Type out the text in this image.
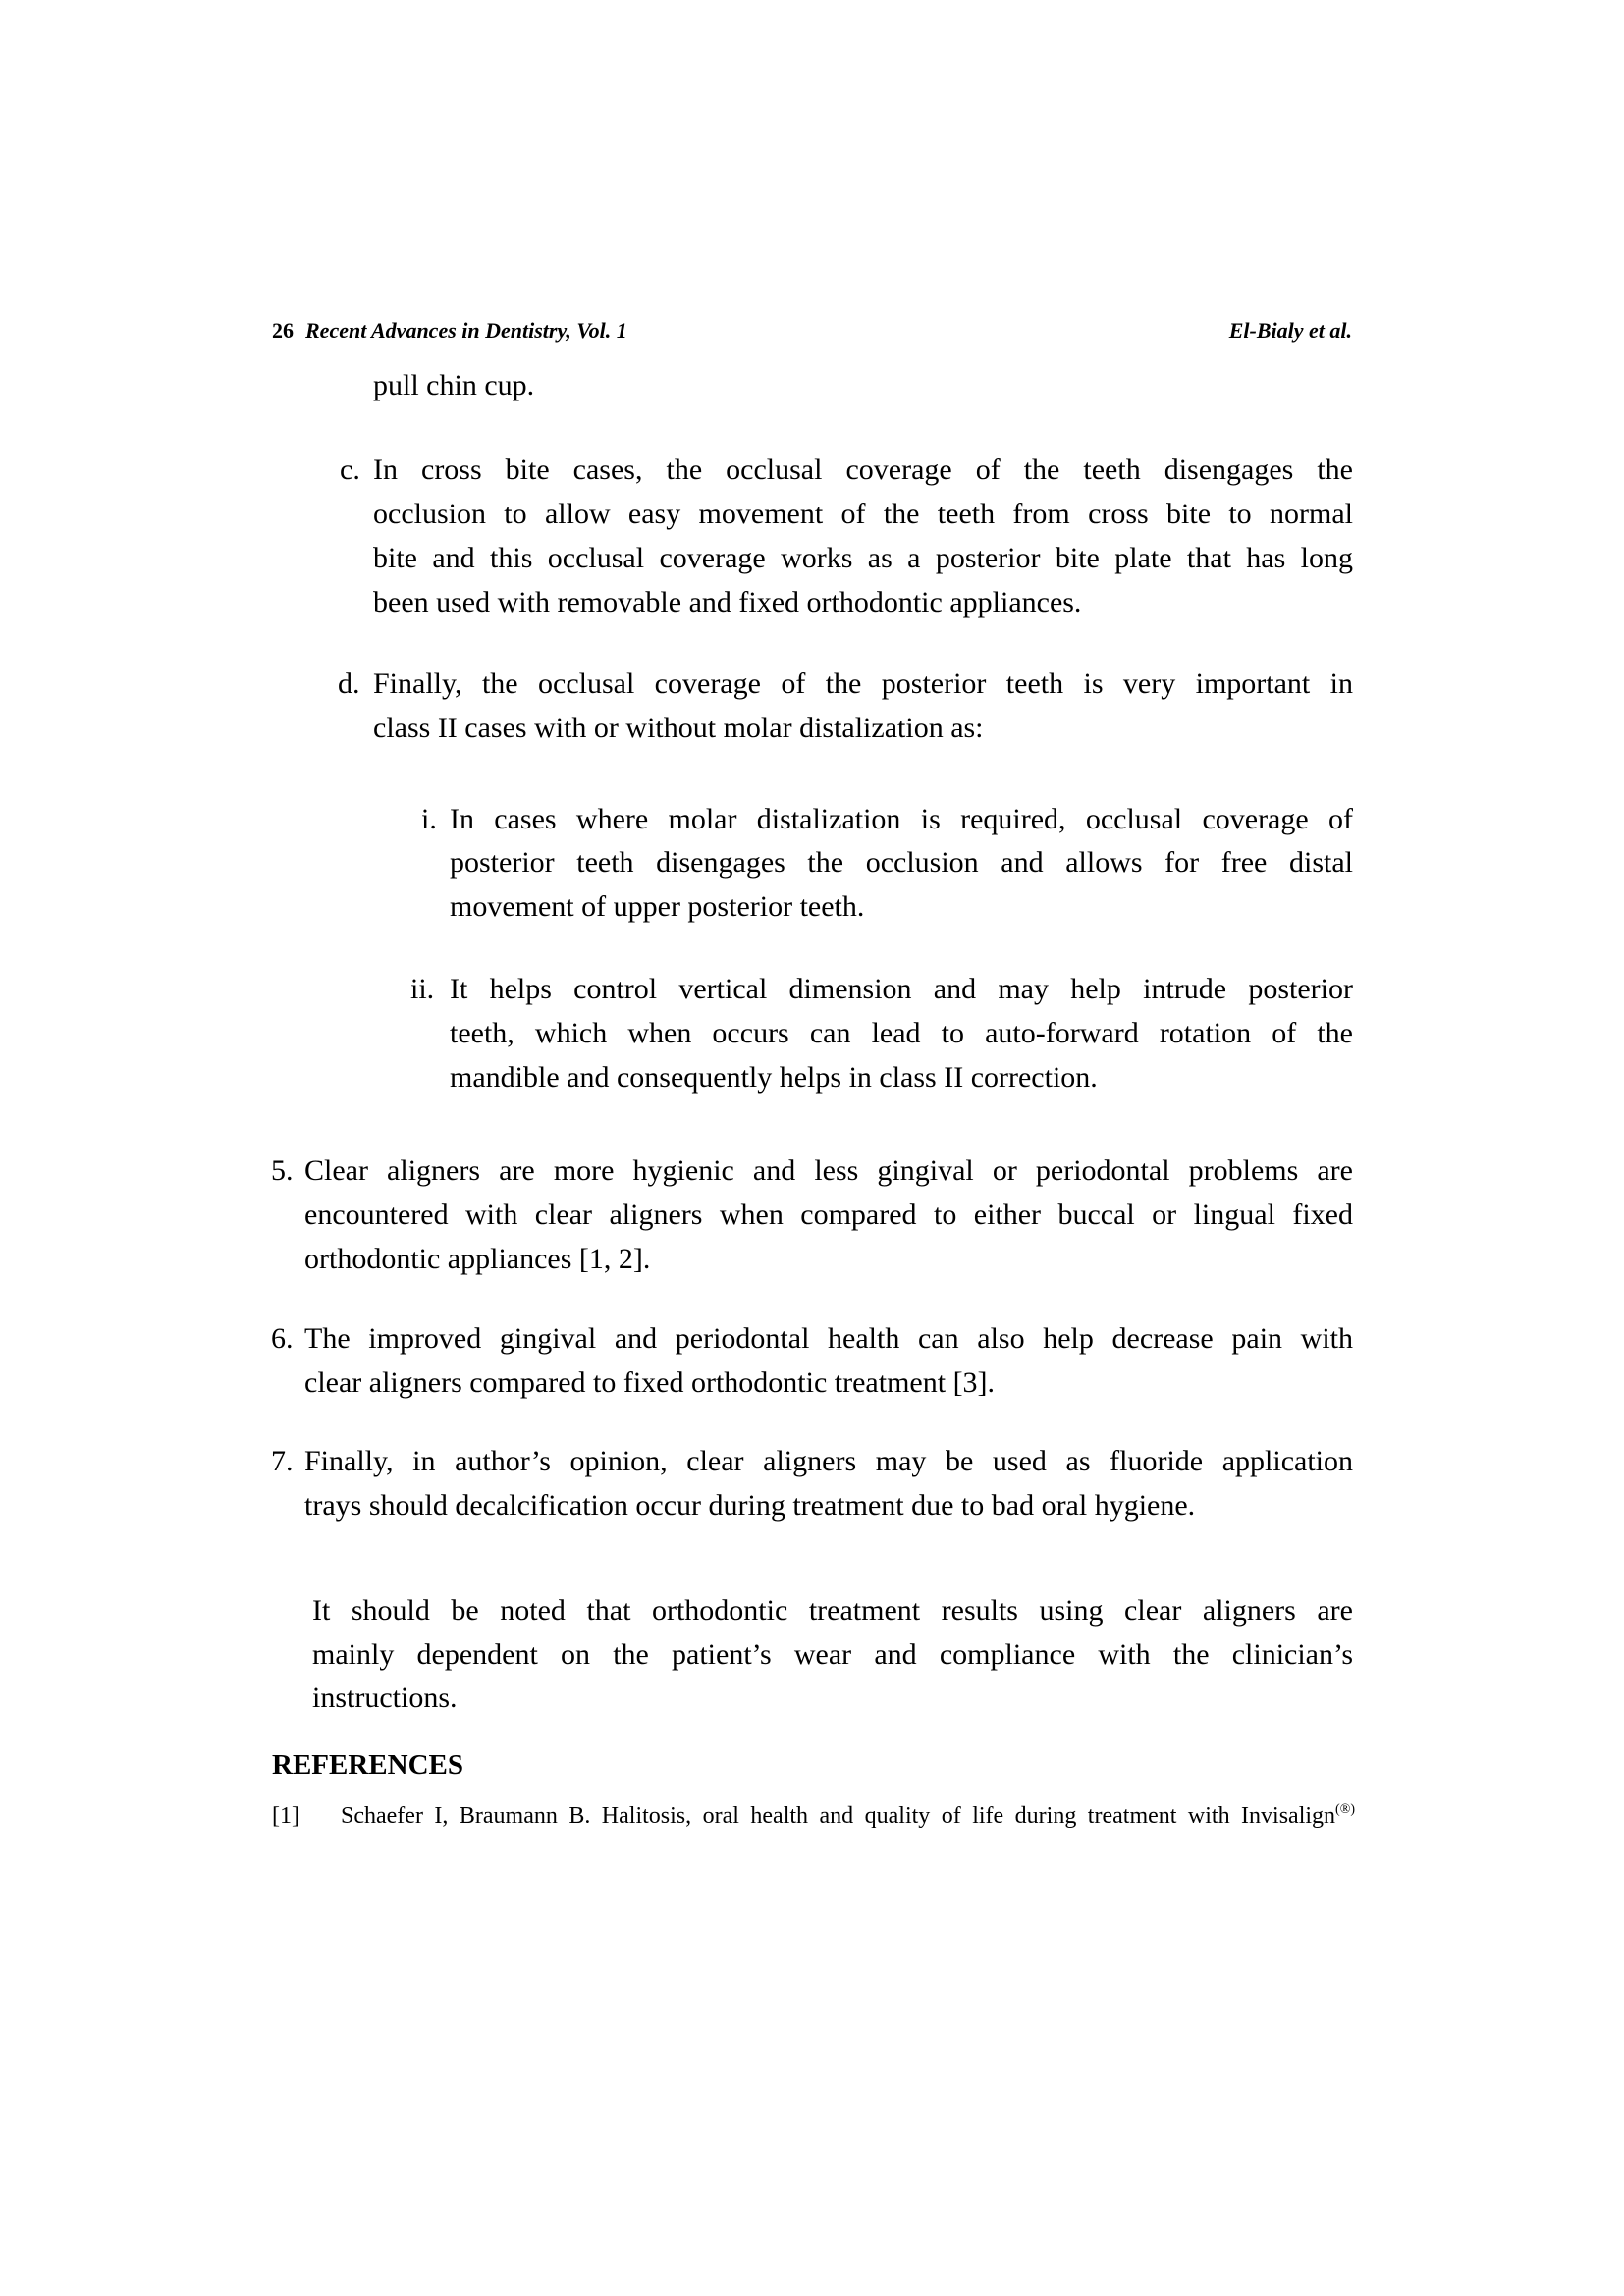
26 Recent Advances in Dentistry, Vol. 1	El-Bialy et al.
pull chin cup.
c. In cross bite cases, the occlusal coverage of the teeth disengages the
occlusion to allow easy movement of the teeth from cross bite to normal
bite and this occlusal coverage works as a posterior bite plate that has long
been used with removable and fixed orthodontic appliances.
d. Finally, the occlusal coverage of the posterior teeth is very important in
class II cases with or without molar distalization as:
i. In cases where molar distalization is required, occlusal coverage of
posterior teeth disengages the occlusion and allows for free distal
movement of upper posterior teeth.
ii. It helps control vertical dimension and may help intrude posterior
teeth, which when occurs can lead to auto-forward rotation of the
mandible and consequently helps in class II correction.
5. Clear aligners are more hygienic and less gingival or periodontal problems are
encountered with clear aligners when compared to either buccal or lingual fixed
orthodontic appliances [1, 2].
6. The improved gingival and periodontal health can also help decrease pain with
clear aligners compared to fixed orthodontic treatment [3].
7. Finally, in author’s opinion, clear aligners may be used as fluoride application
trays should decalcification occur during treatment due to bad oral hygiene.
It should be noted that orthodontic treatment results using clear aligners are
mainly dependent on the patient’s wear and compliance with the clinician’s
instructions.
REFERENCES
[1] Schaefer I, Braumann B. Halitosis, oral health and quality of life during treatment with Invisalign(®)
